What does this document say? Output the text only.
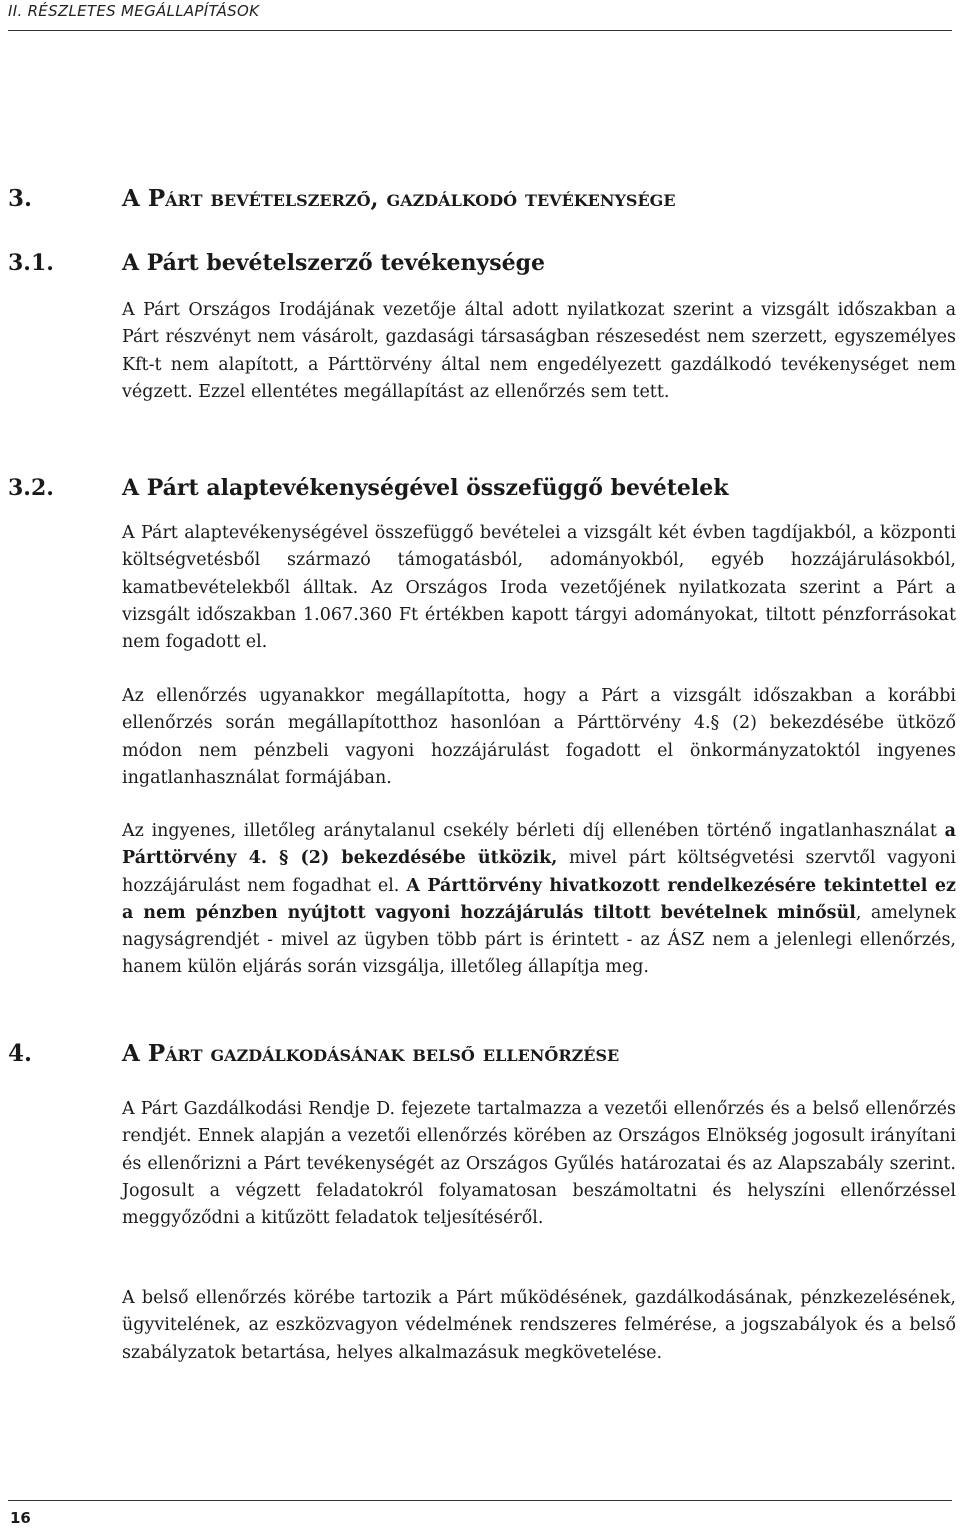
II. RÉSZLETES MEGÁLLAPÍTÁSOK
3.	A Párt bevételszerző, gazdálkodó tevékenysége
3.1.	A Párt bevételszerző tevékenysége

A Párt Országos Irodájának vezetője által adott nyilatkozat szerint a vizsgált időszakban a Párt részvényt nem vásárolt, gazdasági társaságban részesedést nem szerzett, egyszemélyes Kft-t nem alapított, a Párttörvény által nem engedélyezett gazdálkodó tevékenységet nem végzett. Ezzel ellentétes megállapítást az ellenőrzés sem tett.

3.2.	A Párt alaptevékenységével összefüggő bevételek

A Párt alaptevékenységével összefüggő bevételei a vizsgált két évben tagdíjakból, a központi költségvetésből származó támogatásból, adományokból, egyéb hozzájárulásokból, kamatbevételekből álltak. Az Országos Iroda vezetőjének nyilatkozata szerint a Párt a vizsgált időszakban 1.067.360 Ft értékben kapott tárgyi adományokat, tiltott pénzforrásokat nem fogadott el.

Az ellenőrzés ugyanakkor megállapította, hogy a Párt a vizsgált időszakban a korábbi ellenőrzés során megállapítotthoz hasonlóan a Párttörvény 4.§ (2) bekezdésébe ütköző módon nem pénzbeli vagyoni hozzájárulást fogadott el önkormányzatoktól ingyenes ingatlanhasználat formájában.

Az ingyenes, illetőleg aránytalanul csekély bérleti díj ellenében történő ingatlanhasználat a Párttörvény 4. § (2) bekezdésébe ütközik, mivel párt költségvetési szervtől vagyoni hozzájárulást nem fogadhat el. A Párttörvény hivatkozott rendelkezésére tekintettel ez a nem pénzben nyújtott vagyoni hozzájárulás tiltott bevételnek minősül, amelynek nagyságrendjét - mivel az ügyben több párt is érintett - az ÁSZ nem a jelenlegi ellenőrzés, hanem külön eljárás során vizsgálja, illetőleg állapítja meg.

4.	A Párt gazdálkodásának belső ellenőrzése

A Párt Gazdálkodási Rendje D. fejezete tartalmazza a vezetői ellenőrzés és a belső ellenőrzés rendjét. Ennek alapján a vezetői ellenőrzés körében az Országos Elnökség jogosult irányítani és ellenőrizni a Párt tevékenységét az Országos Gyűlés határozatai és az Alapszabály szerint. Jogosult a végzett feladatokról folyamatosan beszámoltatni és helyszíni ellenőrzéssel meggyőződni a kitűzött feladatok teljesítéséről.

A belső ellenőrzés körébe tartozik a Párt működésének, gazdálkodásának, pénzkezelésének, ügyvitelének, az eszközvagyon védelmének rendszeres felmérése, a jogszabályok és a belső szabályzatok betartása, helyes alkalmazásuk megkövetelése.

16
